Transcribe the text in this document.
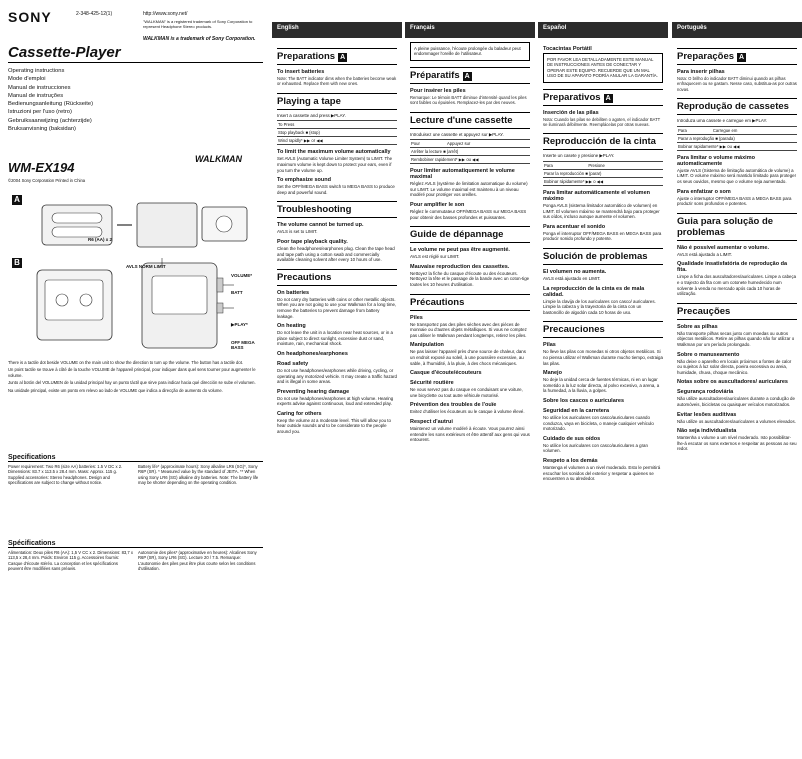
SONY	2-348-425-12(1)	http://www.sony.net/
"WALKMAN" is a registered trademark of Sony Corporation to represent Headphone Stereo products.
WALKMAN is a trademark of Sony Corporation.
Cassette-Player
Operating instructions
Mode d'emploi
Manual de instrucciones
Manual de instruções
Bedienungsanleitung (Rückseite)
Istruzioni per l'uso (retro)
Gebruiksaanwijzing (achterzijde)
Bruksanvisning (baksidan)
WM-EX194
WALKMAN
©2004 Sony Corporation Printed in China
A
R6 (AA) x 2
B	AVLS NORM LIMIT
VOLUME*
BATT
▶PLAY*
OFF MEGA BASS
There is a tactile dot beside VOLUME on the main unit to show the direction to turn up the volume. The button has a tactile dot.
Un point tactile se trouve à côté de la touche VOLUME de l'appareil principal, pour indiquer dans quel sens tourner pour augmenter le volume.
Junto al botón del VOLUMEN de la unidad principal hay un punto táctil que sirve para indicar hacia qué dirección se sube el volumen.
Na unidade principal, existe um ponto em relevo ao lado de VOLUME que indica a direcção de aumento do volume.
Specifications
Power requirement: Two R6 (size AA) batteries: 1.5 V DC x 2. Dimensions: 83.7 x 113.5 x 28.4 mm. Mass: Approx. 115 g. Supplied accessories: Stereo headphones. Design and specifications are subject to change without notice.
Battery life* (approximate hours): Sony alkaline LR6 (SG)*, Sony R6P (SR). * Measured value by the standard of JEITA. ** When using Sony LR6 (SG) alkaline dry batteries. Note: The battery life may be shorter depending on the operating condition.
Spécifications
Alimentation: Deux piles R6 (AA): 1,5 V CC x 2. Dimensions: 83,7 x 113,5 x 28,4 mm. Poids: Environ 115 g. Accessoires fournis: Casque d'écoute stéréo. La conception et les spécifications peuvent être modifiées sans préavis.
Autonomie des piles* (approximative en heures): Alcalines Sony R6P (SR), Sony LR6 (SG). Lecture 20 / 7.5. Remarque: L'autonomie des piles peut être plus courte selon les conditions d'utilisation.
English
Preparations A
To insert batteries
Note: The BATT indicator dims when the batteries become weak or exhausted. Replace them with new ones.
Playing a tape
Insert a cassette and press ▶PLAY.
To Press
Stop playback ■ (stop)
Wind rapidly* ▶▶ or ◀◀
To limit the maximum volume automatically
Set AVLS (Automatic Volume Limiter System) to LIMIT. The maximum volume is kept down to protect your ears, even if you turn the volume up.
To emphasize sound
Set the OFF/MEGA BASS switch to MEGA BASS to produce deep and powerful sound.
Troubleshooting
The volume cannot be turned up.
AVLS is set to LIMIT.
Poor tape playback quality.
Clean the headphones/earphones plug. Clean the tape head and tape path using a cotton swab and commercially available cleaning solvent after every 10 hours of use.
Precautions
On batteries
Do not carry dry batteries with coins or other metallic objects. When you are not going to use your Walkman for a long time, remove the batteries to prevent damage from battery leakage.
On heating
Do not leave the unit in a location near heat sources, or in a place subject to direct sunlight, excessive dust or sand, moisture, rain, mechanical shock.
On headphones/earphones
Road safety
Do not use headphones/earphones while driving, cycling, or operating any motorized vehicle. It may create a traffic hazard and is illegal in some areas.
Preventing hearing damage
Do not use headphones/earphones at high volume. Hearing experts advise against continuous, loud and extended play.
Caring for others
Keep the volume at a moderate level. This will allow you to hear outside sounds and to be considerate to the people around you.
Français
A pleine puissance, l'écoute prolongée du baladeur peut endommager l'oreille de l'utilisateur.
Préparatifs A
Pour insérer les piles
Remarque: Le témoin BATT diminue d'intensité quand les piles sont faibles ou épuisées. Remplacez-les par des neuves.
Lecture d'une cassette
Introduisez une cassette et appuyez sur ▶PLAY.
Pour	Appuyez sur
Arrêter la lecture ■ (arrêt)
Rembobiner rapidement* ▶▶ ou ◀◀
Pour limiter automatiquement le volume maximal
Réglez AVLS (système de limitation automatique du volume) sur LIMIT. Le volume maximal est maintenu à un niveau modéré pour protéger vos oreilles.
Pour amplifier le son
Réglez le commutateur OFF/MEGA BASS sur MEGA BASS pour obtenir des basses profondes et puissantes.
Guide de dépannage
Le volume ne peut pas être augmenté.
AVLS est réglé sur LIMIT.
Mauvaise reproduction des cassettes.
Nettoyez la fiche du casque d'écoute ou des écouteurs. Nettoyez la tête et le passage de la bande avec un coton-tige toutes les 10 heures d'utilisation.
Précautions
Piles
Ne transportez pas des piles sèches avec des pièces de monnaie ou d'autres objets métalliques. Si vous ne comptez pas utiliser le Walkman pendant longtemps, retirez les piles.
Manipulation
Ne pas laisser l'appareil près d'une source de chaleur, dans un endroit exposé au soleil, à une poussière excessive, au sable, à l'humidité, à la pluie, à des chocs mécaniques.
Casque d'écoute/écouteurs
Sécurité routière
Ne vous servez pas du casque en conduisant une voiture, une bicyclette ou tout autre véhicule motorisé.
Prévention des troubles de l'ouïe
Evitez d'utiliser les écouteurs ou le casque à volume élevé.
Respect d'autrui
Maintenez un volume modéré à écoute. Vous pourrez ainsi entendre les sons extérieurs et être attentif aux gens qui vous entourent.
Español
Tocacintas Portátil
POR FAVOR LEA DETALLADAMENTE ESTE MANUAL DE INSTRUCCIONES ANTES DE CONECTAR Y OPERAR ESTE EQUIPO. RECUERDE QUE UN MAL USO DE SU APARATO PODRÍA ANULAR LA GARANTÍA.
Preparativos A
Inserción de las pilas
Nota: Cuando las pilas se debiliten o agoten, el indicador BATT se iluminará débilmente. Reemplácelas por otras nuevas.
Reproducción de la cinta
Inserte un casete y presione ▶PLAY.
Para	Presione
Parar la reproducción ■ (parar)
Bobinar rápidamente* ▶▶ o ◀◀
Para limitar automáticamente el volumen máximo
Ponga AVLS (sistema limitador automático de volumen) en LIMIT. El volumen máximo se mantendrá bajo para proteger sus oídos, incluso aunque aumente el volumen.
Para acentuar el sonido
Ponga el interruptor OFF/MEGA BASS en MEGA BASS para producir sonido profundo y potente.
Solución de problemas
El volumen no aumenta.
AVLS está ajustado en LIMIT.
La reproducción de la cinta es de mala calidad.
Limpie la clavija de los auriculares con casco/ auriculares. Limpie la cabeza y la trayectoria de la cinta con un bastoncillo de algodón cada 10 horas de uso.
Precauciones
Pilas
No lleve las pilas con monedas ni otros objetos metálicos. Si no piensa utilizar el Walkman durante mucho tiempo, extraiga las pilas.
Manejo
No deje la unidad cerca de fuentes térmicas, ni en un lugar sometido a la luz solar directa, al polvo excesivo, a arena, a la humedad, a la lluvia, a golpes.
Sobre los cascos o auriculares
Seguridad en la carretera
No utilice los auriculares con casco/auriculares cuando conduzca, vaya en bicicleta, o maneje cualquier vehículo motorizado.
Cuidado de sus oídos
No utilice los auriculares con casco/auriculares a gran volumen.
Respeto a los demás
Mantenga el volumen a un nivel moderado. Esto le permitirá escuchar los sonidos del exterior y respetar a quienes se encuentren a su alrededor.
Português
Preparações A
Para inserir pilhas
Nota: O brilho do indicador BATT diminui quando as pilhas enfraquecem ou se gastam. Nesse caso, substitua-as por outras novas.
Reprodução de cassetes
Introduza uma cassete e carregue em ▶PLAY.
Para	Carregue em
Parar a reprodução ■ (parada)
Bobinar rapidamente* ▶▶ ou ◀◀
Para limitar o volume máximo automaticamente
Ajuste AVLS (Sistema de limitação automática de volume) a LIMIT. O volume máximo será mantido limitado para proteger os seus ouvidos, mesmo que o volume seja aumentado.
Para enfatizar o som
Ajuste o interruptor OFF/MEGA BASS a MEGA BASS para produzir sons profundos e potentes.
Guia para solução de problemas
Não é possível aumentar o volume.
AVLS está ajustado a LIMIT.
Qualidade insatisfatória de reprodução da fita.
Limpe a ficha dos auscultadores/auriculares. Limpe a cabeça e o trajecto da fita com um cotonete humedecido num solvente à venda no mercado após cada 10 horas de utilização.
Precauções
Sobre as pilhas
Não transporte pilhas secas junto com moedas ou outros objectos metálicos. Retire as pilhas quando não for utilizar o Walkman por um período prolongado.
Sobre o manuseamento
Não deixe o aparelho em locais próximos a fontes de calor ou sujeitos à luz solar directa, poeira excessiva ou areia, humidade, chuva, choque mecânico.
Notas sobre os auscultadores/ auriculares
Segurança rodoviária
Não utilize auscultadores/auriculares durante a condução de automóveis, bicicletas ou quaisquer veículos motorizados.
Evitar lesões auditivas
Não utilize os auscultadores/auriculares a volumes elevados.
Não seja individualista
Mantenha o volume a um nível moderado. Isto possibilitar-lhe-á escutar os sons externos e respeitar as pessoas ao seu redor.
